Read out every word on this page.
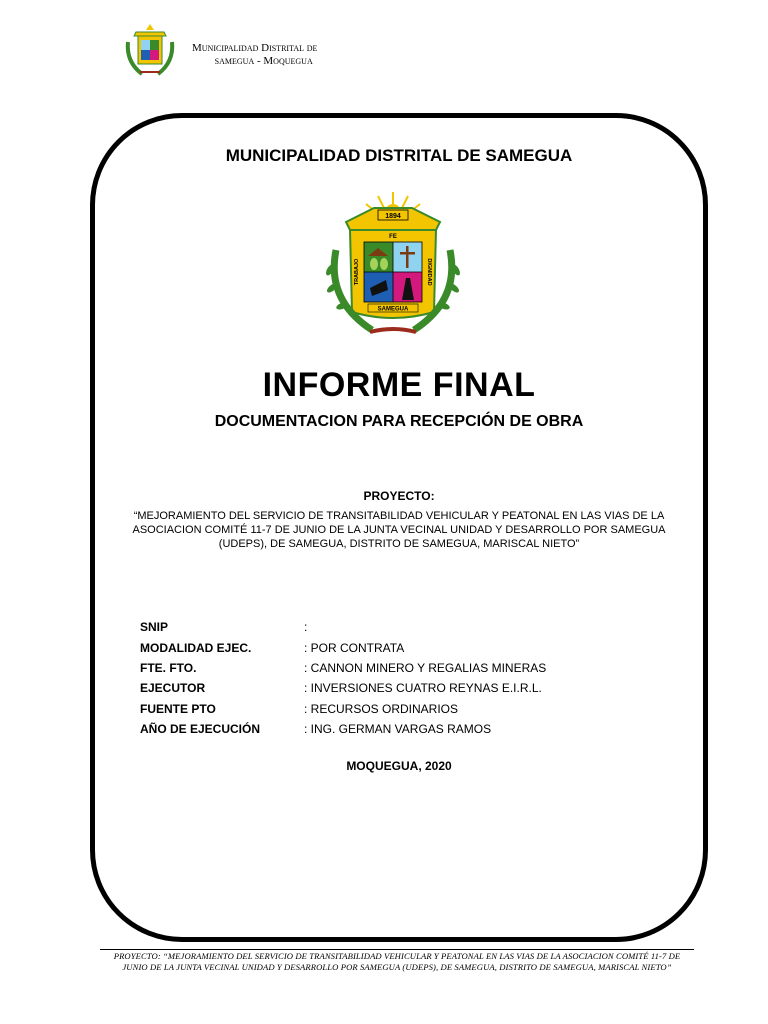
Municipalidad Distrital de
samegua - Moquegua
MUNICIPALIDAD DISTRITAL DE SAMEGUA
1894
FE
TRABAJO	DIGNIDAD
SAMEGUA
INFORME FINAL
DOCUMENTACION PARA RECEPCIÓN DE OBRA
PROYECTO:
“MEJORAMIENTO DEL SERVICIO DE TRANSITABILIDAD VEHICULAR Y PEATONAL EN LAS VIAS DE LA ASOCIACION COMITÉ 11-7 DE JUNIO DE LA JUNTA VECINAL UNIDAD Y DESARROLLO POR SAMEGUA (UDEPS), DE SAMEGUA, DISTRITO DE SAMEGUA, MARISCAL NIETO”
SNIP	:
MODALIDAD EJEC.	: POR CONTRATA
FTE. FTO.	: CANNON MINERO Y REGALIAS MINERAS
EJECUTOR	: INVERSIONES CUATRO REYNAS E.I.R.L.
FUENTE PTO	: RECURSOS ORDINARIOS
AÑO DE EJECUCIÓN	: ING. GERMAN VARGAS RAMOS
MOQUEGUA, 2020
PROYECTO: “MEJORAMIENTO DEL SERVICIO DE TRANSITABILIDAD VEHICULAR Y PEATONAL EN LAS VIAS DE LA ASOCIACION COMITÉ 11-7 DE JUNIO DE LA JUNTA VECINAL UNIDAD Y DESARROLLO POR SAMEGUA (UDEPS), DE SAMEGUA, DISTRITO DE SAMEGUA, MARISCAL NIETO”
